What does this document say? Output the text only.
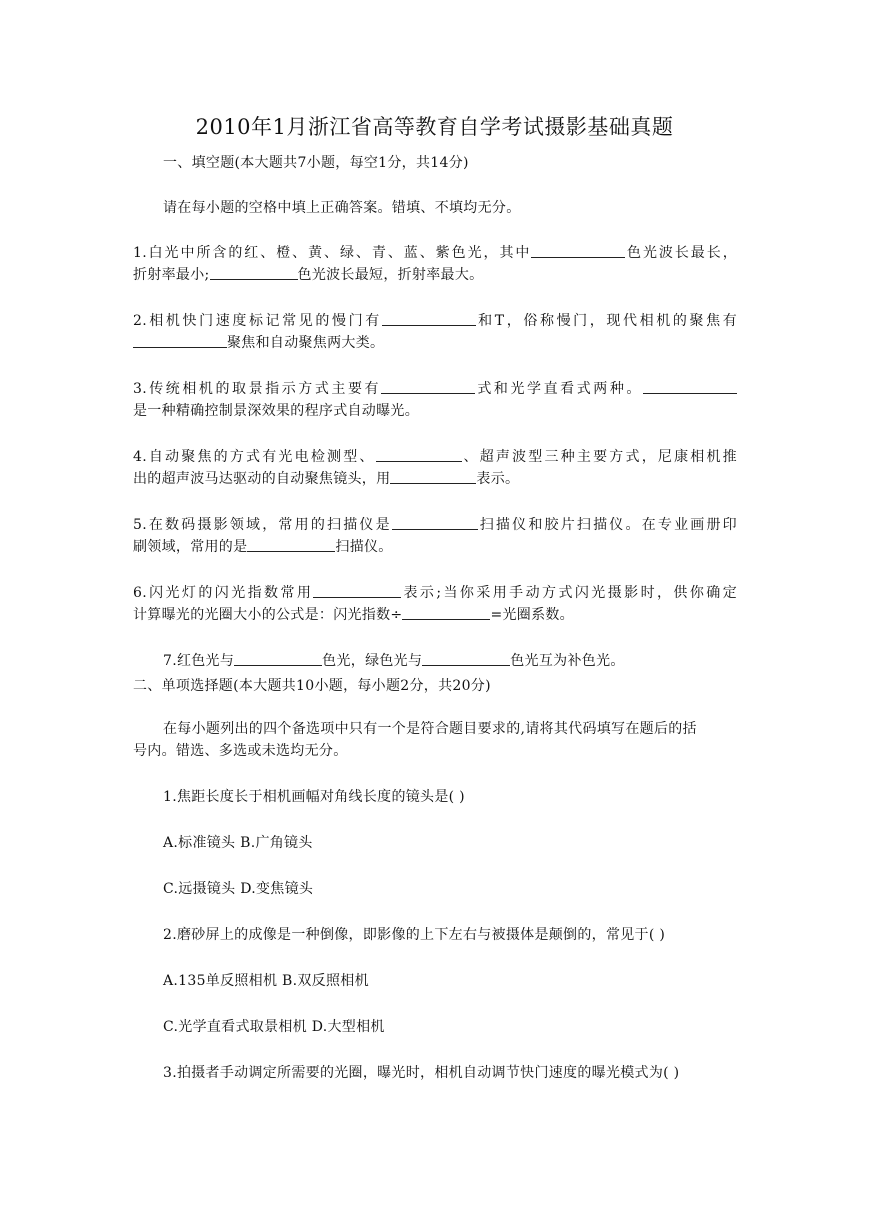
2010年1月浙江省高等教育自学考试摄影基础真题
一、填空题(本大题共7小题，每空1分，共14分)
请在每小题的空格中填上正确答案。错填、不填均无分。
1.白光中所含的红、橙、黄、绿、青、蓝、紫色光，其中	色光波长最长，
折射率最小;	色光波长最短，折射率最大。
2.相机快门速度标记常见的慢门有	和T，俗称慢门，现代相机的聚焦有
聚焦和自动聚焦两大类。
3.传统相机的取景指示方式主要有	式和光学直看式两种。
是一种精确控制景深效果的程序式自动曝光。
4.自动聚焦的方式有光电检测型、	、超声波型三种主要方式，尼康相机推
出的超声波马达驱动的自动聚焦镜头，用	表示。
5.在数码摄影领域，常用的扫描仪是	扫描仪和胶片扫描仪。在专业画册印
刷领域，常用的是	扫描仪。
6.闪光灯的闪光指数常用	表示;当你采用手动方式闪光摄影时，供你确定
计算曝光的光圈大小的公式是：闪光指数÷	=光圈系数。
7.红色光与	色光，绿色光与	色光互为补色光。
二、单项选择题(本大题共10小题，每小题2分，共20分)
在每小题列出的四个备选项中只有一个是符合题目要求的,请将其代码填写在题后的括
号内。错选、多选或未选均无分。
1.焦距长度长于相机画幅对角线长度的镜头是( )
A.标准镜头 B.广角镜头
C.远摄镜头 D.变焦镜头
2.磨砂屏上的成像是一种倒像，即影像的上下左右与被摄体是颠倒的，常见于( )
A.135单反照相机 B.双反照相机
C.光学直看式取景相机 D.大型相机
3.拍摄者手动调定所需要的光圈，曝光时，相机自动调节快门速度的曝光模式为( )
